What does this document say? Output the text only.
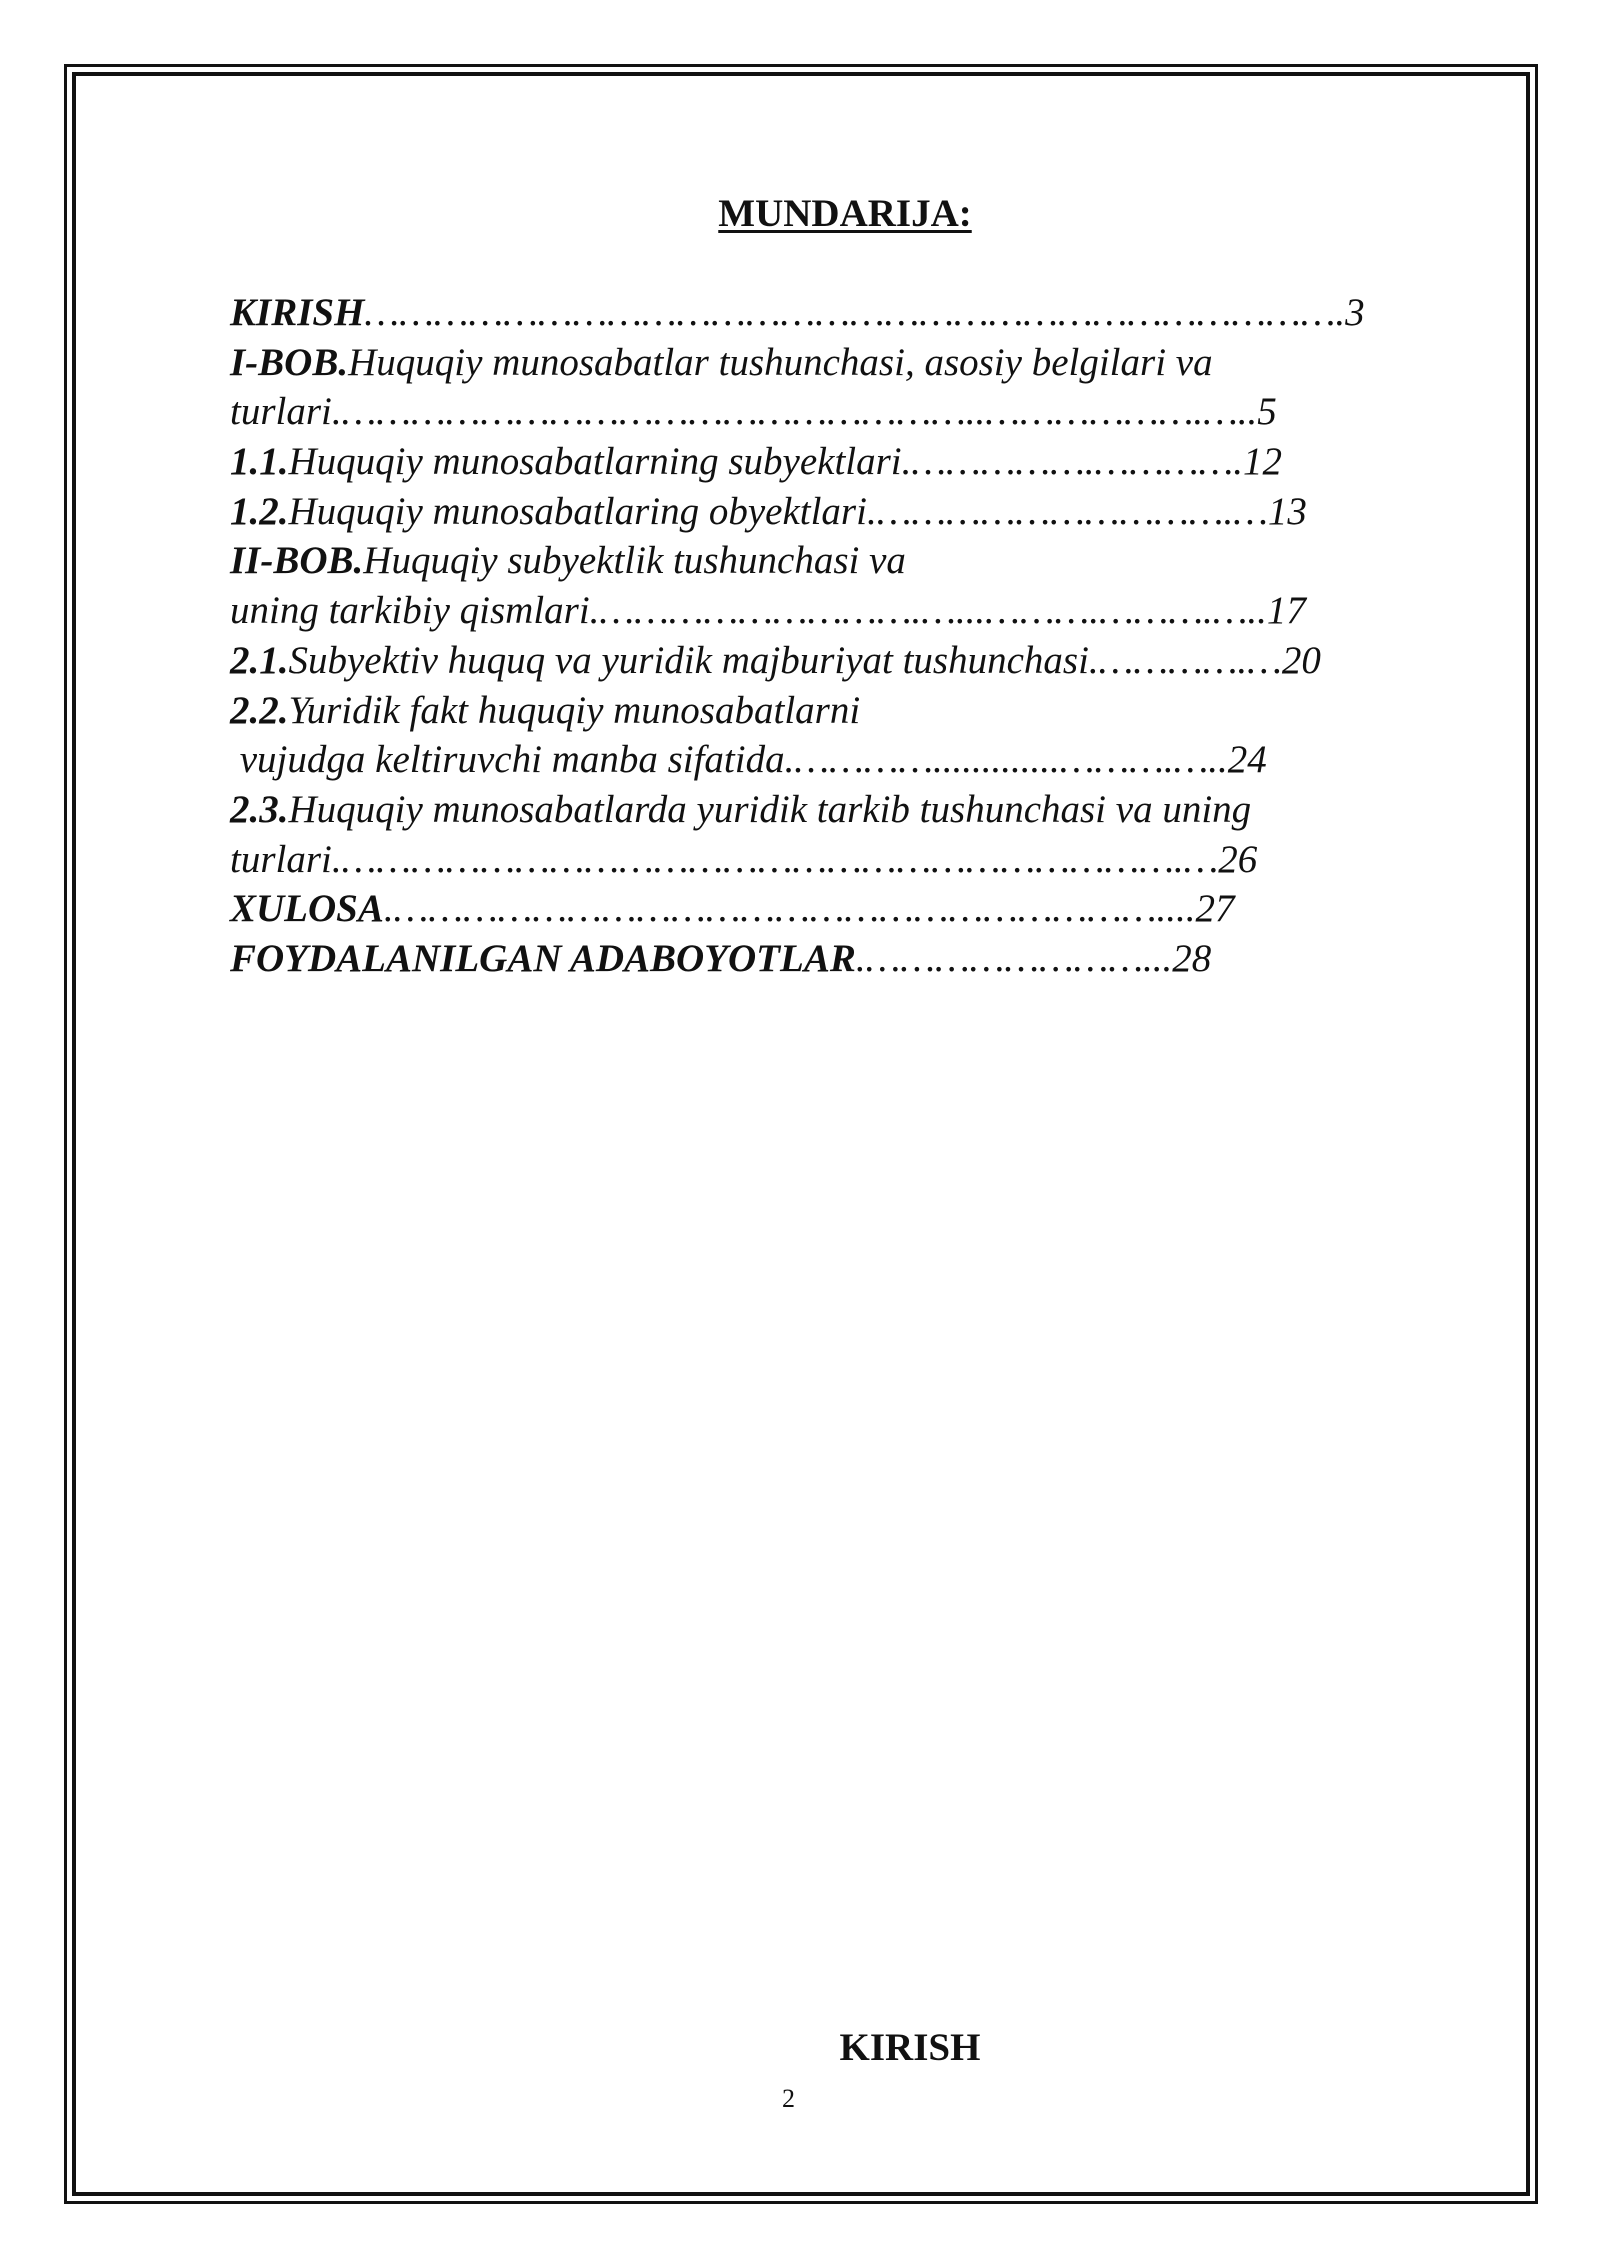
MUNDARIJA:
KIRISH………………………………………………………………………….3
I-BOB.Huquqiy munosabatlar tushunchasi, asosiy belgilari va
turlari.………………………………………………..……………….…..5
1.1.Huquqiy munosabatlarning subyektlari.…………….………….12
1.2.Huquqiy munosabatlaring obyektlari.………………………….…13
II-BOB.Huquqiy subyektlik tushunchasi va
uning tarkibiy qismlari.……………………….…...……….……….…..17
2.1.Subyektiv huquq va yuridik majburiyat tushunchasi.………….…20
2.2.Yuridik fakt huquqiy munosabatlarni
vujudga keltiruvchi manba sifatida.………….............……….…..24
2.3.Huquqiy munosabatlarda yuridik tarkib tushunchasi va uning
turlari.……………………………………………………………….…26
XULOSA.…………………………………………………………....27
FOYDALANILGAN ADABOYOTLAR.……………………...28
KIRISH
2
